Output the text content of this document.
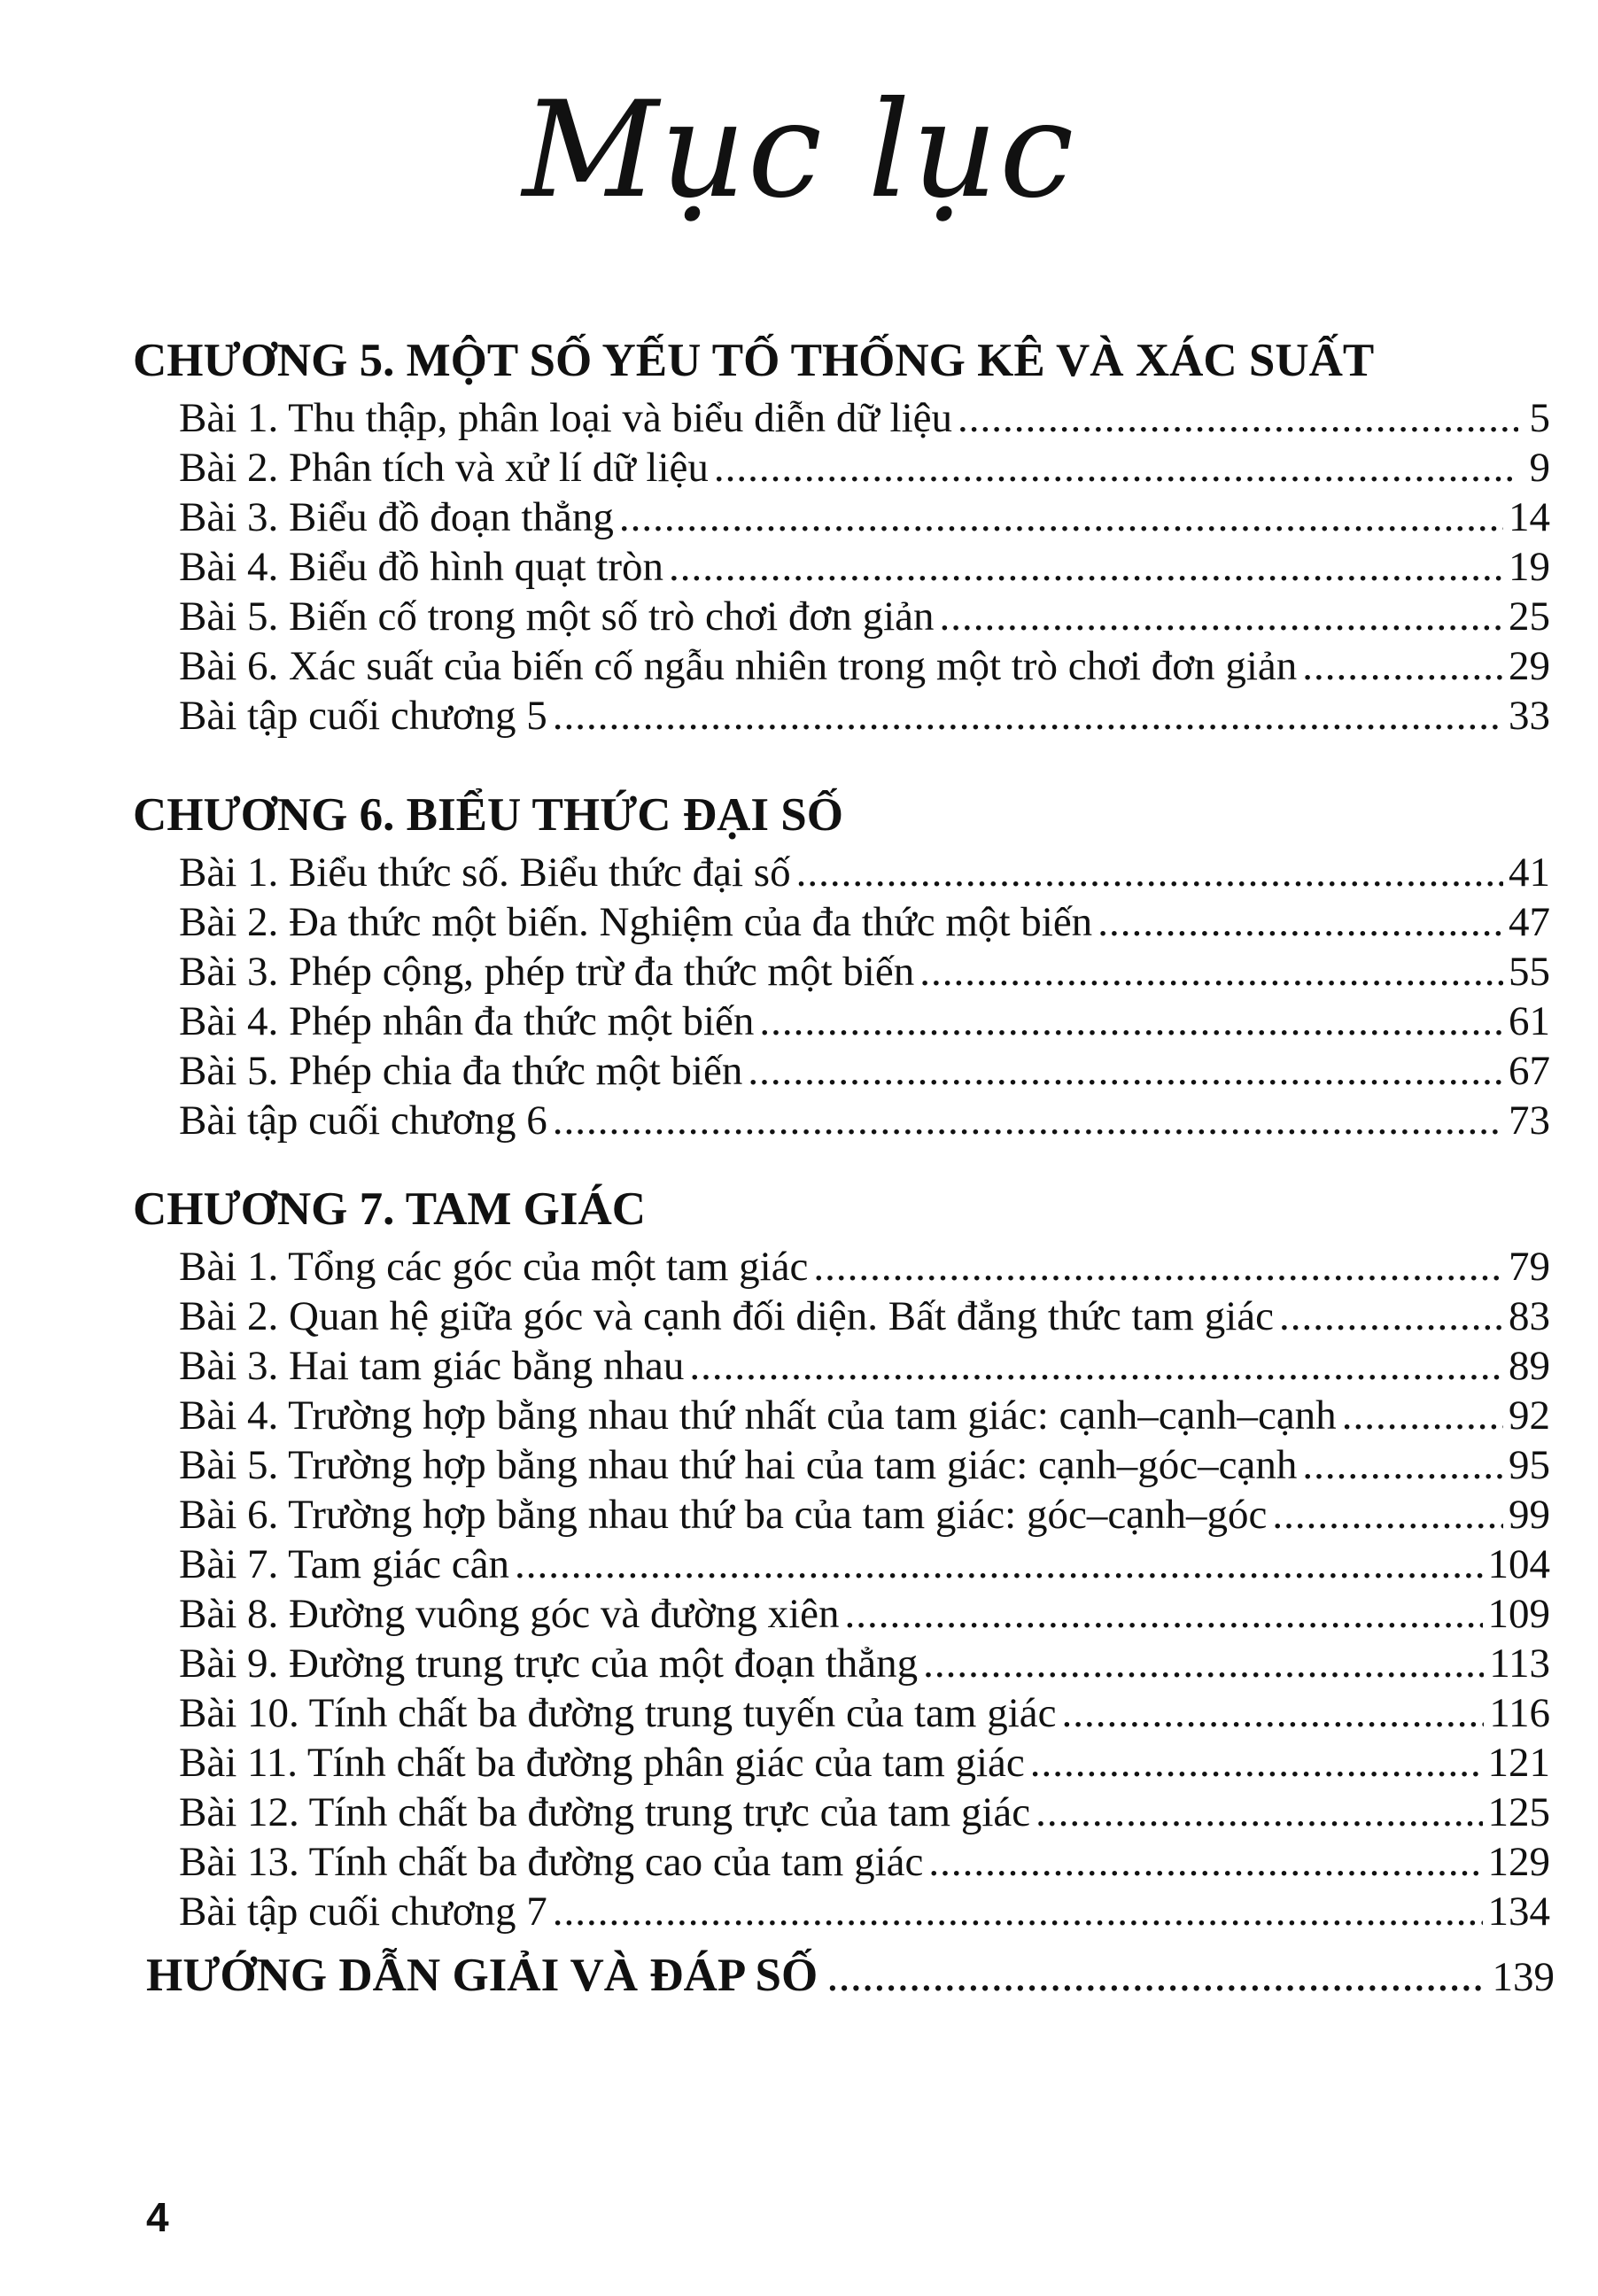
Mục lục
CHƯƠNG 5. MỘT SỐ YẾU TỐ THỐNG KÊ VÀ XÁC SUẤT
Bài 1. Thu thập, phân loại và biểu diễn dữ liệu .....	5
Bài 2. Phân tích và xử lí dữ liệu .....	9
Bài 3. Biểu đồ đoạn thẳng .....	14
Bài 4. Biểu đồ hình quạt tròn .....	19
Bài 5. Biến cố trong một số trò chơi đơn giản .....	25
Bài 6. Xác suất của biến cố ngẫu nhiên trong một trò chơi đơn giản .....	29
Bài tập cuối chương 5 .....	33
CHƯƠNG 6. BIỂU THỨC ĐẠI SỐ
Bài 1. Biểu thức số. Biểu thức đại số .....	41
Bài 2. Đa thức một biến. Nghiệm của đa thức một biến .....	47
Bài 3. Phép cộng, phép trừ đa thức một biến .....	55
Bài 4. Phép nhân đa thức một biến .....	61
Bài 5. Phép chia đa thức một biến .....	67
Bài tập cuối chương 6 .....	73
CHƯƠNG 7. TAM GIÁC
Bài 1. Tổng các góc của một tam giác .....	79
Bài 2. Quan hệ giữa góc và cạnh đối diện. Bất đẳng thức tam giác .....	83
Bài 3. Hai tam giác bằng nhau .....	89
Bài 4. Trường hợp bằng nhau thứ nhất của tam giác: cạnh–cạnh–cạnh .....	92
Bài 5. Trường hợp bằng nhau thứ hai của tam giác: cạnh–góc–cạnh .....	95
Bài 6. Trường hợp bằng nhau thứ ba của tam giác: góc–cạnh–góc .....	99
Bài 7. Tam giác cân .....	104
Bài 8. Đường vuông góc và đường xiên .....	109
Bài 9. Đường trung trực của một đoạn thẳng .....	113
Bài 10. Tính chất ba đường trung tuyến của tam giác .....	116
Bài 11. Tính chất ba đường phân giác của tam giác .....	121
Bài 12. Tính chất ba đường trung trực của tam giác .....	125
Bài 13. Tính chất ba đường cao của tam giác .....	129
Bài tập cuối chương 7 .....	134
HƯỚNG DẪN GIẢI VÀ ĐÁP SỐ .....	139
4
